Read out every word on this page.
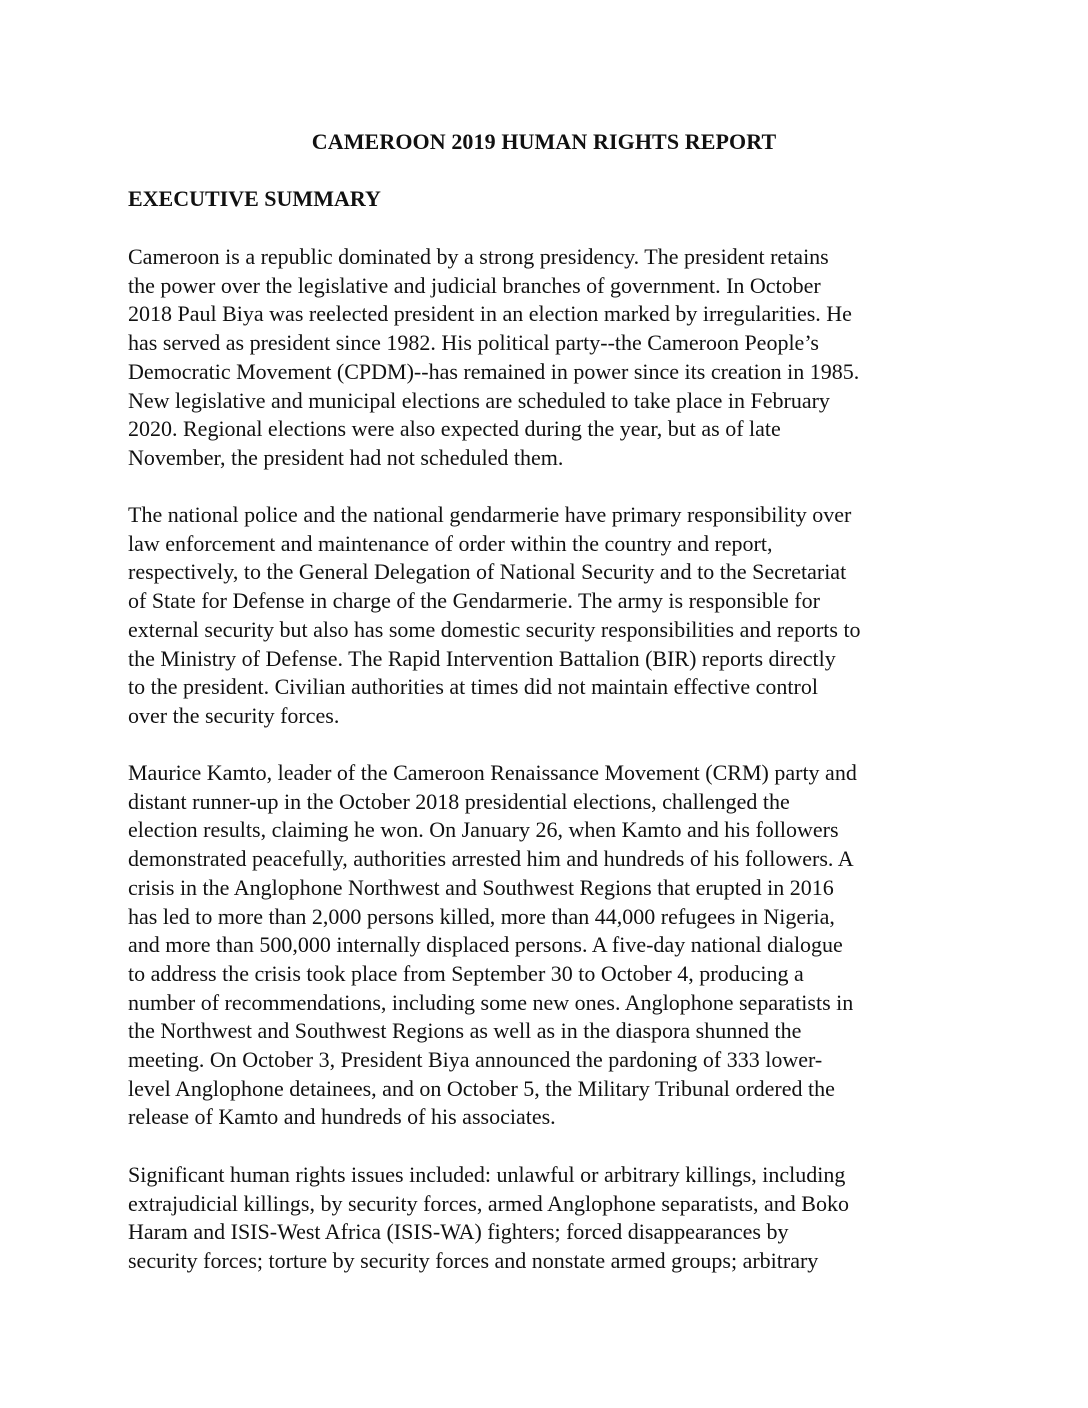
CAMEROON 2019 HUMAN RIGHTS REPORT
EXECUTIVE SUMMARY

Cameroon is a republic dominated by a strong presidency. The president retains
the power over the legislative and judicial branches of government. In October
2018 Paul Biya was reelected president in an election marked by irregularities. He
has served as president since 1982. His political party--the Cameroon People’s
Democratic Movement (CPDM)--has remained in power since its creation in 1985.
New legislative and municipal elections are scheduled to take place in February
2020. Regional elections were also expected during the year, but as of late
November, the president had not scheduled them.

The national police and the national gendarmerie have primary responsibility over
law enforcement and maintenance of order within the country and report,
respectively, to the General Delegation of National Security and to the Secretariat
of State for Defense in charge of the Gendarmerie. The army is responsible for
external security but also has some domestic security responsibilities and reports to
the Ministry of Defense. The Rapid Intervention Battalion (BIR) reports directly
to the president. Civilian authorities at times did not maintain effective control
over the security forces.

Maurice Kamto, leader of the Cameroon Renaissance Movement (CRM) party and
distant runner-up in the October 2018 presidential elections, challenged the
election results, claiming he won. On January 26, when Kamto and his followers
demonstrated peacefully, authorities arrested him and hundreds of his followers. A
crisis in the Anglophone Northwest and Southwest Regions that erupted in 2016
has led to more than 2,000 persons killed, more than 44,000 refugees in Nigeria,
and more than 500,000 internally displaced persons. A five-day national dialogue
to address the crisis took place from September 30 to October 4, producing a
number of recommendations, including some new ones. Anglophone separatists in
the Northwest and Southwest Regions as well as in the diaspora shunned the
meeting. On October 3, President Biya announced the pardoning of 333 lower-
level Anglophone detainees, and on October 5, the Military Tribunal ordered the
release of Kamto and hundreds of his associates.

Significant human rights issues included: unlawful or arbitrary killings, including
extrajudicial killings, by security forces, armed Anglophone separatists, and Boko
Haram and ISIS-West Africa (ISIS-WA) fighters; forced disappearances by
security forces; torture by security forces and nonstate armed groups; arbitrary
